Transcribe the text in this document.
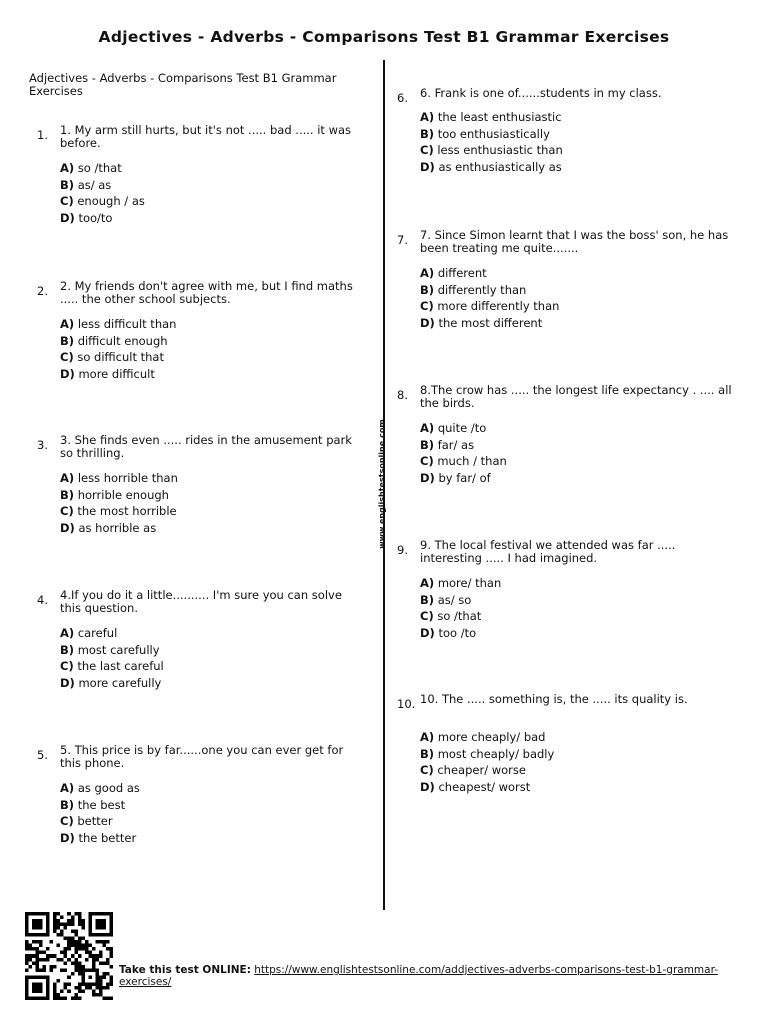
Adjectives - Adverbs - Comparisons Test B1 Grammar Exercises
Adjectives - Adverbs - Comparisons Test B1 Grammar Exercises
www.englishtestsonline.com
1. 1. My arm still hurts, but it's not ..... bad ..... it was before.
A) so /that
B) as/ as
C) enough / as
D) too/to
2. 2. My friends don't agree with me, but I find maths ..... the other school subjects.
A) less difficult than
B) difficult enough
C) so difficult that
D) more difficult
3. 3. She finds even ..... rides in the amusement park so thrilling.
A) less horrible than
B) horrible enough
C) the most horrible
D) as horrible as
4. 4.If you do it a little.......... I'm sure you can solve this question.
A) careful
B) most carefully
C) the last careful
D) more carefully
5. 5. This price is by far......one you can ever get for this phone.
A) as good as
B) the best
C) better
D) the better
6. 6. Frank is one of......students in my class.
A) the least enthusiastic
B) too enthusiastically
C) less enthusiastic than
D) as enthusiastically as
7. 7. Since Simon learnt that I was the boss' son, he has been treating me quite.......
A) different
B) differently than
C) more differently than
D) the most different
8. 8.The crow has ..... the longest life expectancy . .... all the birds.
A) quite /to
B) far/ as
C) much / than
D) by far/ of
9. 9. The local festival we attended was far ..... interesting ..... I had imagined.
A) more/ than
B) as/ so
C) so /that
D) too /to
10. 10. The ..... something is, the ..... its quality is.
A) more cheaply/ bad
B) most cheaply/ badly
C) cheaper/ worse
D) cheapest/ worst
Take this test ONLINE: https://www.englishtestsonline.com/addjectives-adverbs-comparisons-test-b1-grammar-exercises/
